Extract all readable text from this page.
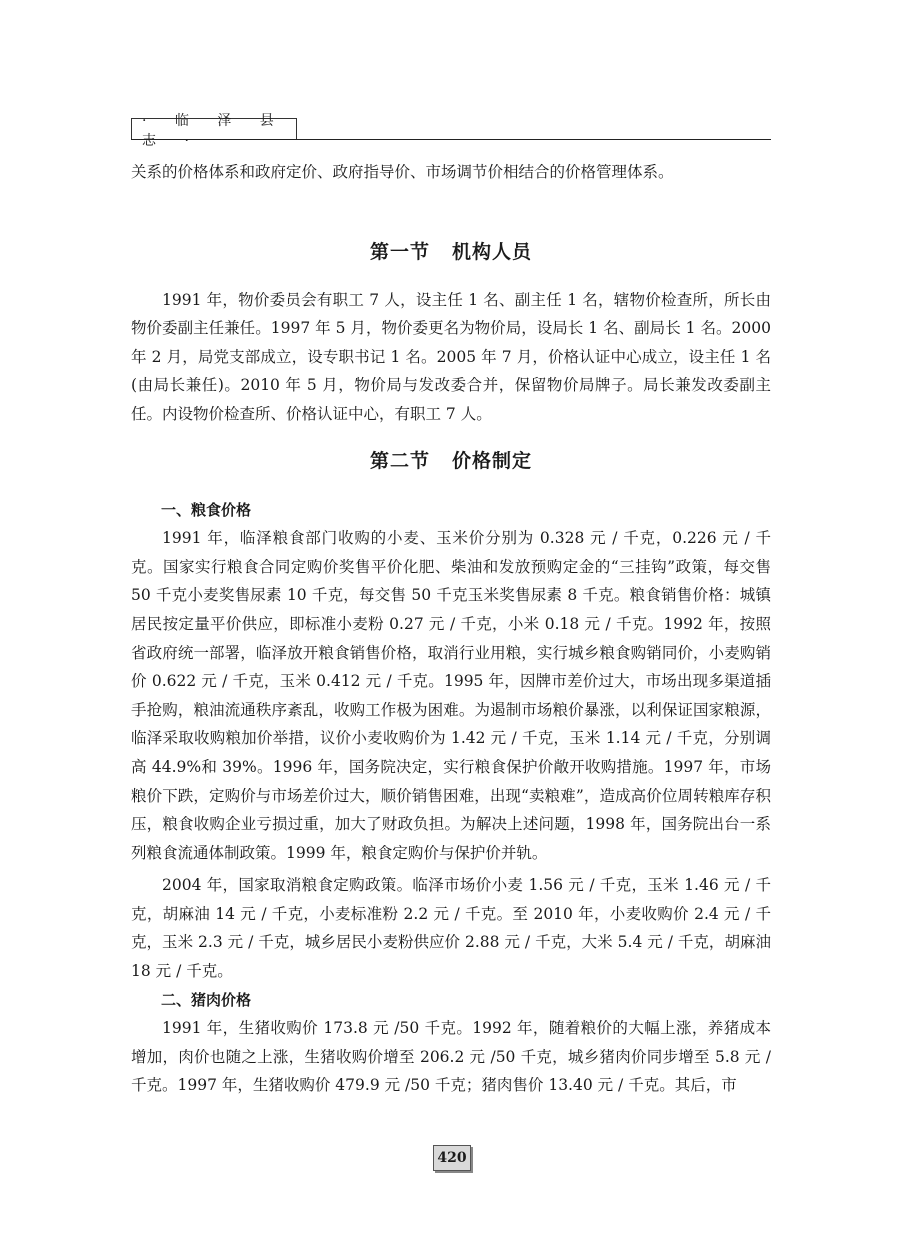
· 临 泽 县 志 ·

关系的价格体系和政府定价、政府指导价、市场调节价相结合的价格管理体系。

第一节 机构人员

1991 年，物价委员会有职工 7 人，设主任 1 名、副主任 1 名，辖物价检查所，所长由物价委副主任兼任。1997 年 5 月，物价委更名为物价局，设局长 1 名、副局长 1 名。2000 年 2 月，局党支部成立，设专职书记 1 名。2005 年 7 月，价格认证中心成立，设主任 1 名(由局长兼任)。2010 年 5 月，物价局与发改委合并，保留物价局牌子。局长兼发改委副主任。内设物价检查所、价格认证中心，有职工 7 人。

第二节 价格制定
一、粮食价格

1991 年，临泽粮食部门收购的小麦、玉米价分别为 0.328 元 / 千克，0.226 元 / 千克。国家实行粮食合同定购价奖售平价化肥、柴油和发放预购定金的“三挂钩”政策，每交售 50 千克小麦奖售尿素 10 千克，每交售 50 千克玉米奖售尿素 8 千克。粮食销售价格：城镇居民按定量平价供应，即标准小麦粉 0.27 元 / 千克，小米 0.18 元 / 千克。1992 年，按照省政府统一部署，临泽放开粮食销售价格，取消行业用粮，实行城乡粮食购销同价，小麦购销价 0.622 元 / 千克，玉米 0.412 元 / 千克。1995 年，因牌市差价过大，市场出现多渠道插手抢购，粮油流通秩序紊乱，收购工作极为困难。为遏制市场粮价暴涨，以利保证国家粮源，临泽采取收购粮加价举措，议价小麦收购价为 1.42 元 / 千克，玉米 1.14 元 / 千克，分别调高 44.9%和 39%。1996 年，国务院决定，实行粮食保护价敞开收购措施。1997 年，市场粮价下跌，定购价与市场差价过大，顺价销售困难，出现“卖粮难”，造成高价位周转粮库存积压，粮食收购企业亏损过重，加大了财政负担。为解决上述问题，1998 年，国务院出台一系列粮食流通体制政策。1999 年，粮食定购价与保护价并轨。

2004 年，国家取消粮食定购政策。临泽市场价小麦 1.56 元 / 千克，玉米 1.46 元 / 千克，胡麻油 14 元 / 千克，小麦标准粉 2.2 元 / 千克。至 2010 年，小麦收购价 2.4 元 / 千克，玉米 2.3 元 / 千克，城乡居民小麦粉供应价 2.88 元 / 千克，大米 5.4 元 / 千克，胡麻油 18 元 / 千克。

二、猪肉价格

1991 年，生猪收购价 173.8 元 /50 千克。1992 年，随着粮价的大幅上涨，养猪成本增加，肉价也随之上涨，生猪收购价增至 206.2 元 /50 千克，城乡猪肉价同步增至 5.8 元 / 千克。1997 年，生猪收购价 479.9 元 /50 千克；猪肉售价 13.40 元 / 千克。其后，市

420
